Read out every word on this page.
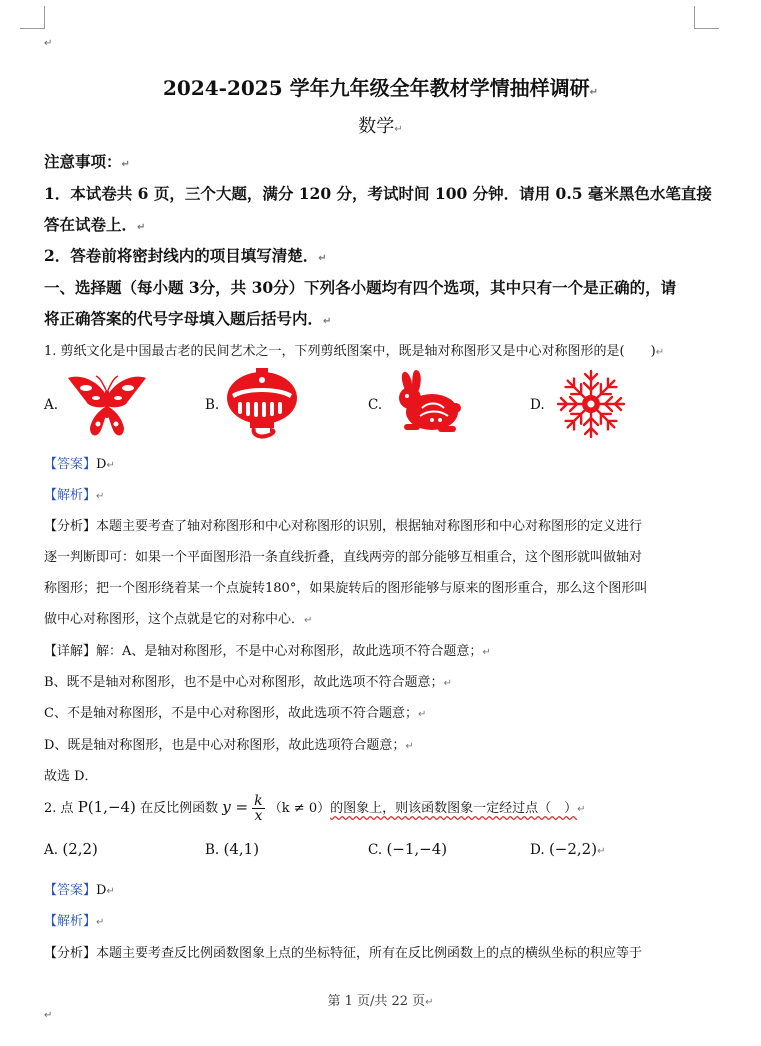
↵
2024-2025 学年九年级全年教材学情抽样调研↵
数学↵
注意事项：↵
1．本试卷共 6 页，三个大题，满分 120 分，考试时间 100 分钟．请用 0.5 毫米黑色水笔直接
答在试卷上．↵
2．答卷前将密封线内的项目填写清楚．↵
一、选择题（每小题 3分，共 30分）下列各小题均有四个选项，其中只有一个是正确的，请
将正确答案的代号字母填入题后括号内．↵
1. 剪纸文化是中国最古老的民间艺术之一，下列剪纸图案中，既是轴对称图形又是中心对称图形的是(　　)↵
A.	B.	C.	D.
【答案】D↵
【解析】↵
【分析】本题主要考查了轴对称图形和中心对称图形的识别，根据轴对称图形和中心对称图形的定义进行
逐一判断即可：如果一个平面图形沿一条直线折叠，直线两旁的部分能够互相重合，这个图形就叫做轴对
称图形；把一个图形绕着某一个点旋转180°，如果旋转后的图形能够与原来的图形重合，那么这个图形叫
做中心对称图形，这个点就是它的对称中心．↵
【详解】解：A、是轴对称图形，不是中心对称图形，故此选项不符合题意；↵
B、既不是轴对称图形，也不是中心对称图形，故此选项不符合题意；↵
C、不是轴对称图形，不是中心对称图形，故此选项不符合题意；↵
D、既是轴对称图形，也是中心对称图形，故此选项符合题意；↵
故选 D．
2. 点 P(1,−4) 在反比例函数 $y = \frac{k}{x} (k \ne 0)$的图象上，则该函数图象一定经过点（　）↵
A. (2,2)	B. (4,1)	C. (−1,−4)	D. (−2,2)↵
【答案】D↵
【解析】↵
【分析】本题主要考查反比例函数图象上点的坐标特征，所有在反比例函数上的点的横纵坐标的积应等于
第 1 页/共 22 页↵
↵
